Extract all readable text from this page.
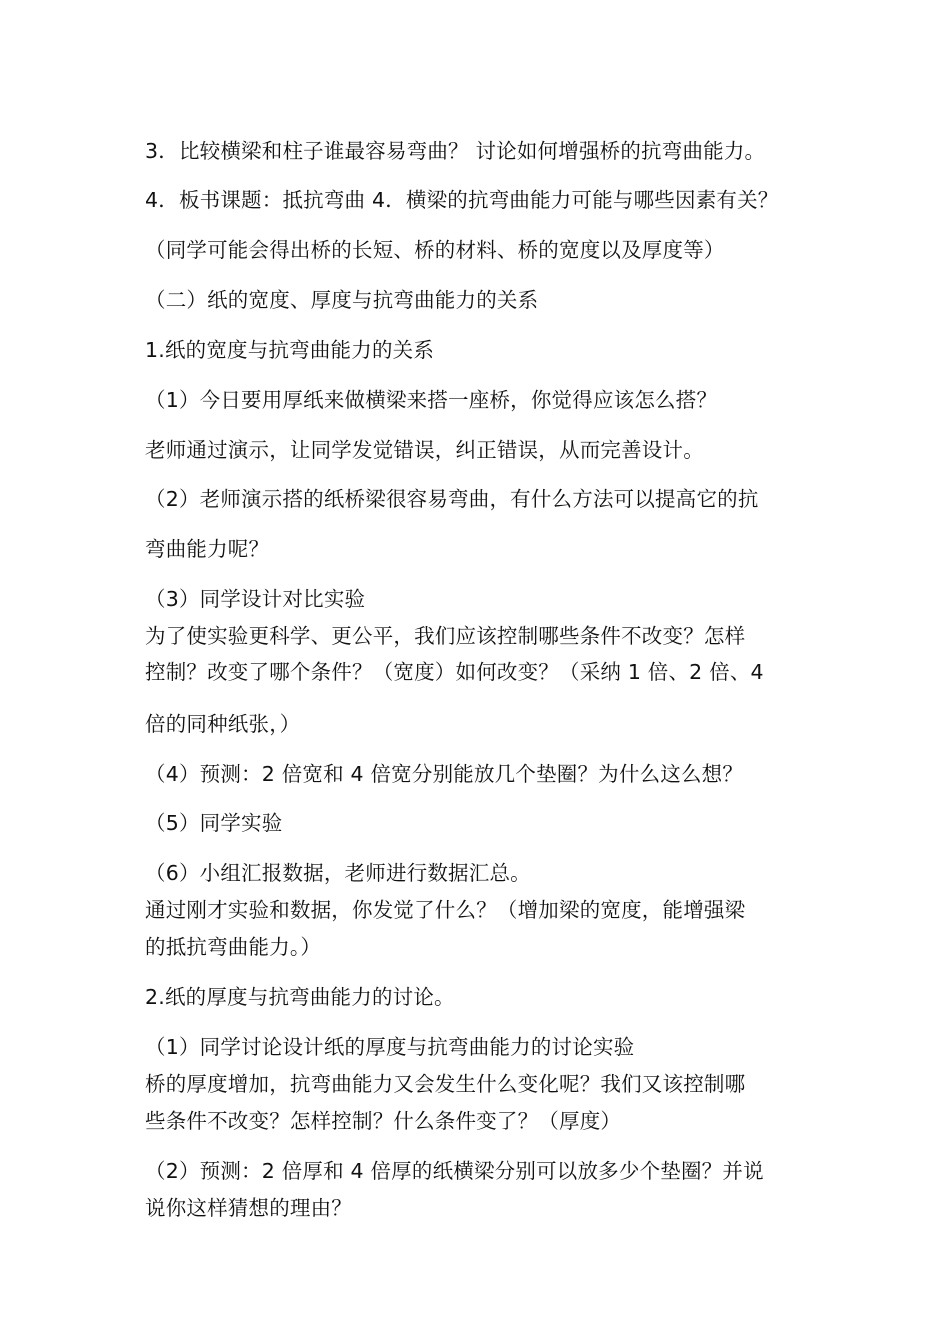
3．比较横梁和柱子谁最容易弯曲？ 讨论如何增强桥的抗弯曲能力。
4．板书课题：抵抗弯曲 4．横梁的抗弯曲能力可能与哪些因素有关？
（同学可能会得出桥的长短、桥的材料、桥的宽度以及厚度等）
（二）纸的宽度、厚度与抗弯曲能力的关系
1.纸的宽度与抗弯曲能力的关系
（1）今日要用厚纸来做横梁来搭一座桥，你觉得应该怎么搭？
老师通过演示，让同学发觉错误，纠正错误，从而完善设计。
（2）老师演示搭的纸桥梁很容易弯曲，有什么方法可以提高它的抗
弯曲能力呢？
（3）同学设计对比实验
为了使实验更科学、更公平，我们应该控制哪些条件不改变？怎样
控制？改变了哪个条件？（宽度）如何改变？（采纳 1 倍、2 倍、4
倍的同种纸张，）
（4）预测：2 倍宽和 4 倍宽分别能放几个垫圈？为什么这么想？
（5）同学实验
（6）小组汇报数据，老师进行数据汇总。
通过刚才实验和数据，你发觉了什么？（增加梁的宽度，能增强梁
的抵抗弯曲能力。）
2.纸的厚度与抗弯曲能力的讨论。
（1）同学讨论设计纸的厚度与抗弯曲能力的讨论实验
桥的厚度增加，抗弯曲能力又会发生什么变化呢？我们又该控制哪
些条件不改变？怎样控制？什么条件变了？（厚度）
（2）预测：2 倍厚和 4 倍厚的纸横梁分别可以放多少个垫圈？并说
说你这样猜想的理由？
